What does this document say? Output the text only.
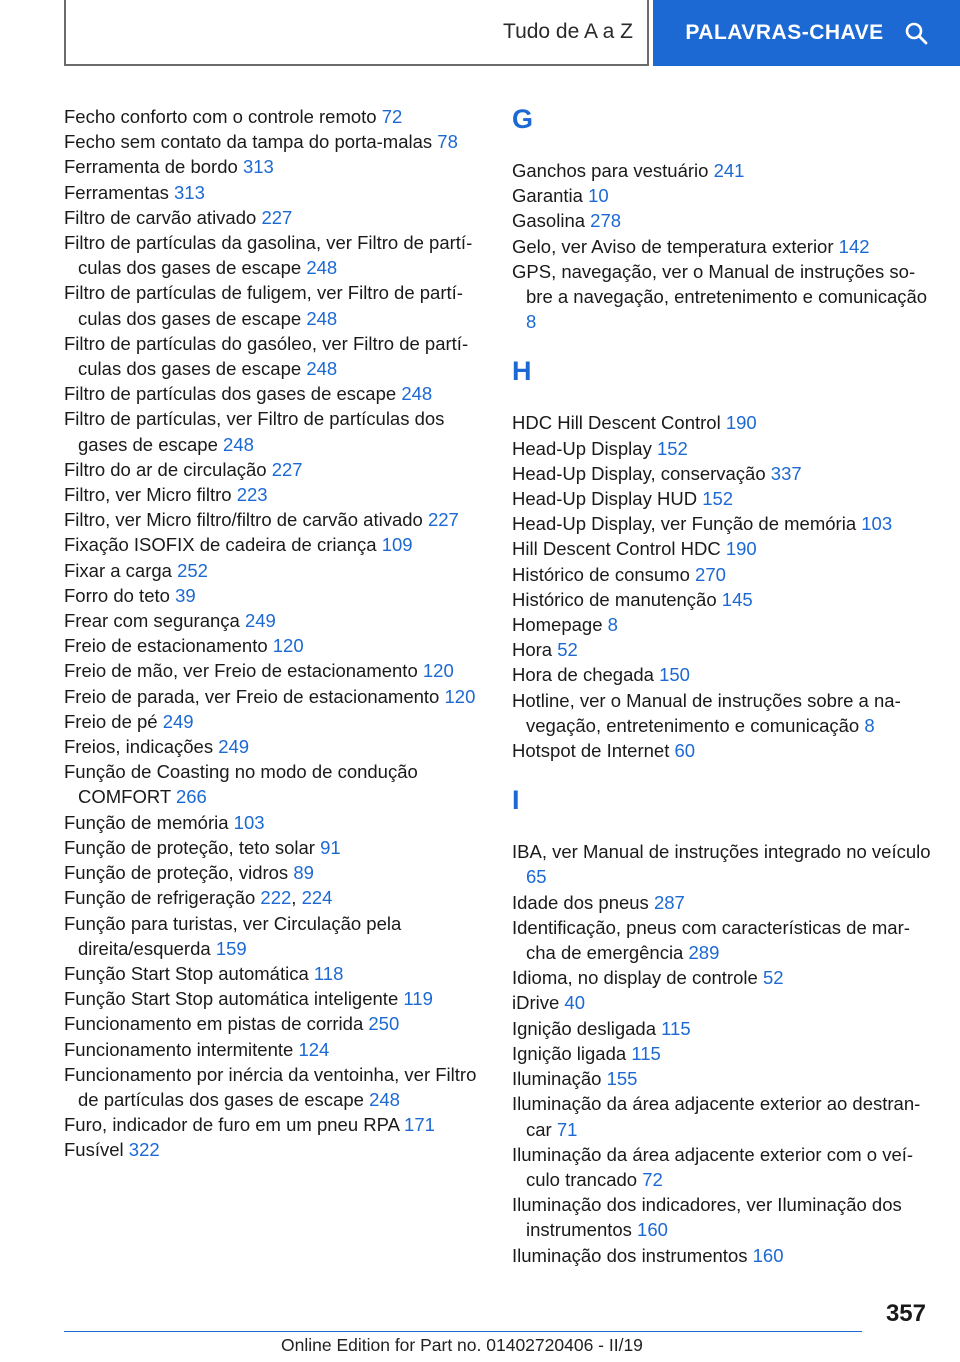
Tudo de A a Z PALAVRAS-CHAVE
Fecho conforto com o controle remoto 72
Fecho sem contato da tampa do porta-malas 78
Ferramenta de bordo 313
Ferramentas 313
Filtro de carvão ativado 227
Filtro de partículas da gasolina, ver Filtro de partículas dos gases de escape 248
Filtro de partículas de fuligem, ver Filtro de partículas dos gases de escape 248
Filtro de partículas do gasóleo, ver Filtro de partículas dos gases de escape 248
Filtro de partículas dos gases de escape 248
Filtro de partículas, ver Filtro de partículas dos gases de escape 248
Filtro do ar de circulação 227
Filtro, ver Micro filtro 223
Filtro, ver Micro filtro/filtro de carvão ativado 227
Fixação ISOFIX de cadeira de criança 109
Fixar a carga 252
Forro do teto 39
Frear com segurança 249
Freio de estacionamento 120
Freio de mão, ver Freio de estacionamento 120
Freio de parada, ver Freio de estacionamento 120
Freio de pé 249
Freios, indicações 249
Função de Coasting no modo de condução COMFORT 266
Função de memória 103
Função de proteção, teto solar 91
Função de proteção, vidros 89
Função de refrigeração 222, 224
Função para turistas, ver Circulação pela direita/esquerda 159
Função Start Stop automática 118
Função Start Stop automática inteligente 119
Funcionamento em pistas de corrida 250
Funcionamento intermitente 124
Funcionamento por inércia da ventoinha, ver Filtro de partículas dos gases de escape 248
Furo, indicador de furo em um pneu RPA 171
Fusível 322
G
Ganchos para vestuário 241
Garantia 10
Gasolina 278
Gelo, ver Aviso de temperatura exterior 142
GPS, navegação, ver o Manual de instruções sobre a navegação, entretenimento e comunicação 8
H
HDC Hill Descent Control 190
Head-Up Display 152
Head-Up Display, conservação 337
Head-Up Display HUD 152
Head-Up Display, ver Função de memória 103
Hill Descent Control HDC 190
Histórico de consumo 270
Histórico de manutenção 145
Homepage 8
Hora 52
Hora de chegada 150
Hotline, ver o Manual de instruções sobre a navegação, entretenimento e comunicação 8
Hotspot de Internet 60
I
IBA, ver Manual de instruções integrado no veículo 65
Idade dos pneus 287
Identificação, pneus com características de marcha de emergência 289
Idioma, no display de controle 52
iDrive 40
Ignição desligada 115
Ignição ligada 115
Iluminação 155
Iluminação da área adjacente exterior ao destrancar 71
Iluminação da área adjacente exterior com o veículo trancado 72
Iluminação dos indicadores, ver Iluminação dos instrumentos 160
Iluminação dos instrumentos 160
357
Online Edition for Part no. 01402720406 - II/19
